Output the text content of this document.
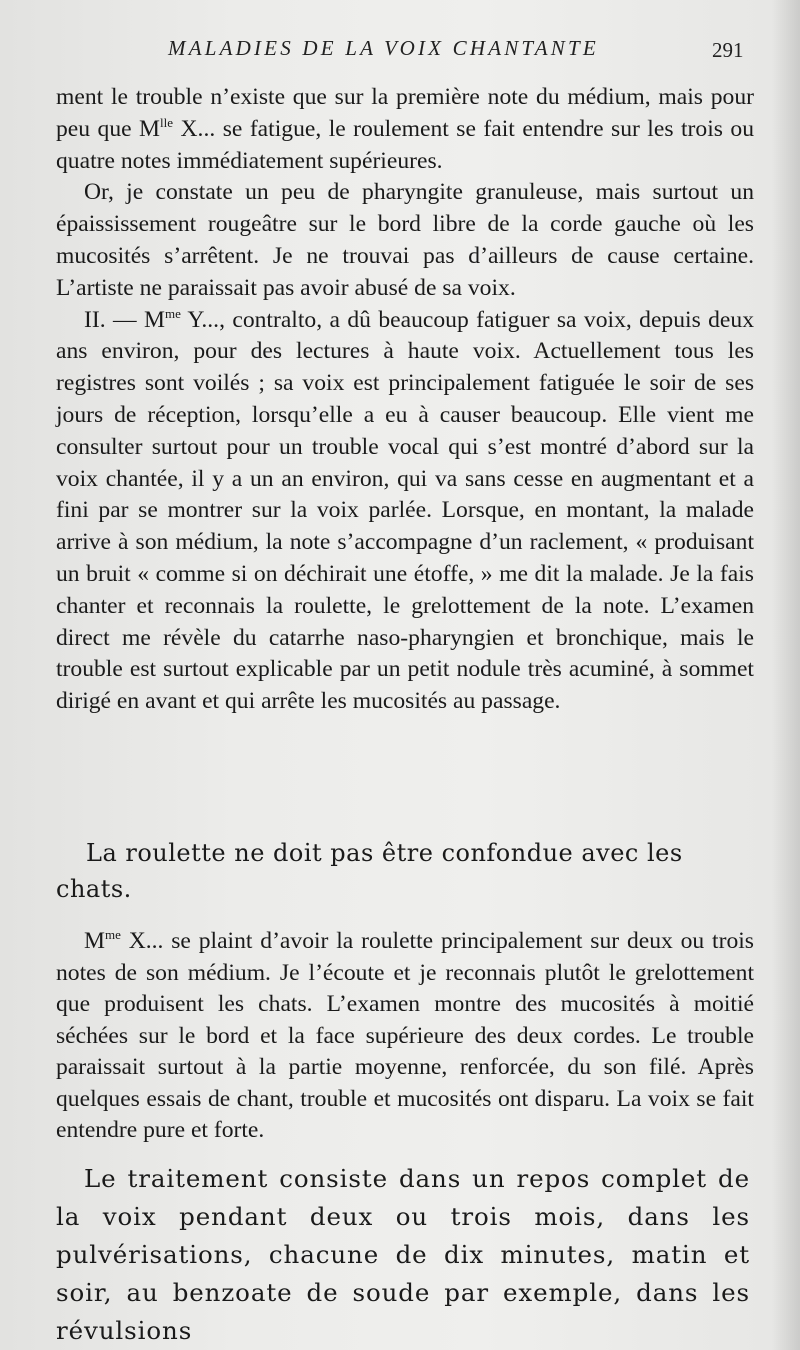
MALADIES DE LA VOIX CHANTANTE	291

ment le trouble n’existe que sur la première note du médium, mais pour peu que $M^{lle}$ X... se fatigue, le roulement se fait entendre sur les trois ou quatre notes immédiatement supérieures.

Or, je constate un peu de pharyngite granuleuse, mais surtout un épaississement rougeâtre sur le bord libre de la corde gauche où les mucosités s’arrêtent. Je ne trouvai pas d’ailleurs de cause certaine. L’artiste ne paraissait pas avoir abusé de sa voix.

II. — $M^{me}$ Y..., contralto, a dû beaucoup fatiguer sa voix, depuis deux ans environ, pour des lectures à haute voix. Actuellement tous les registres sont voilés ; sa voix est principalement fatiguée le soir de ses jours de réception, lorsqu’elle a eu à causer beaucoup. Elle vient me consulter surtout pour un trouble vocal qui s’est montré d’abord sur la voix chantée, il y a un an environ, qui va sans cesse en augmentant et a fini par se montrer sur la voix parlée. Lorsque, en montant, la malade arrive à son médium, la note s’accompagne d’un raclement, « produisant un bruit « comme si on déchirait une étoffe, » me dit la malade. Je la fais chanter et reconnais la roulette, le grelottement de la note. L’examen direct me révèle du catarrhe naso-pharyngien et bronchique, mais le trouble est surtout explicable par un petit nodule très acuminé, à sommet dirigé en avant et qui arrête les mucosités au passage.

La roulette ne doit pas être confondue avec les

chats.

$M^{me}$ X... se plaint d’avoir la roulette principalement sur deux ou trois notes de son médium. Je l’écoute et je reconnais plutôt le grelottement que produisent les chats. L’examen montre des mucosités à moitié séchées sur le bord et la face supérieure des deux cordes. Le trouble paraissait surtout à la partie moyenne, renforcée, du son filé. Après quelques essais de chant, trouble et mucosités ont disparu. La voix se fait entendre pure et forte.

Le traitement consiste dans un repos complet de la voix pendant deux ou trois mois, dans les pulvérisations, chacune de dix minutes, matin et soir, au benzoate de soude par exemple, dans les révulsions
